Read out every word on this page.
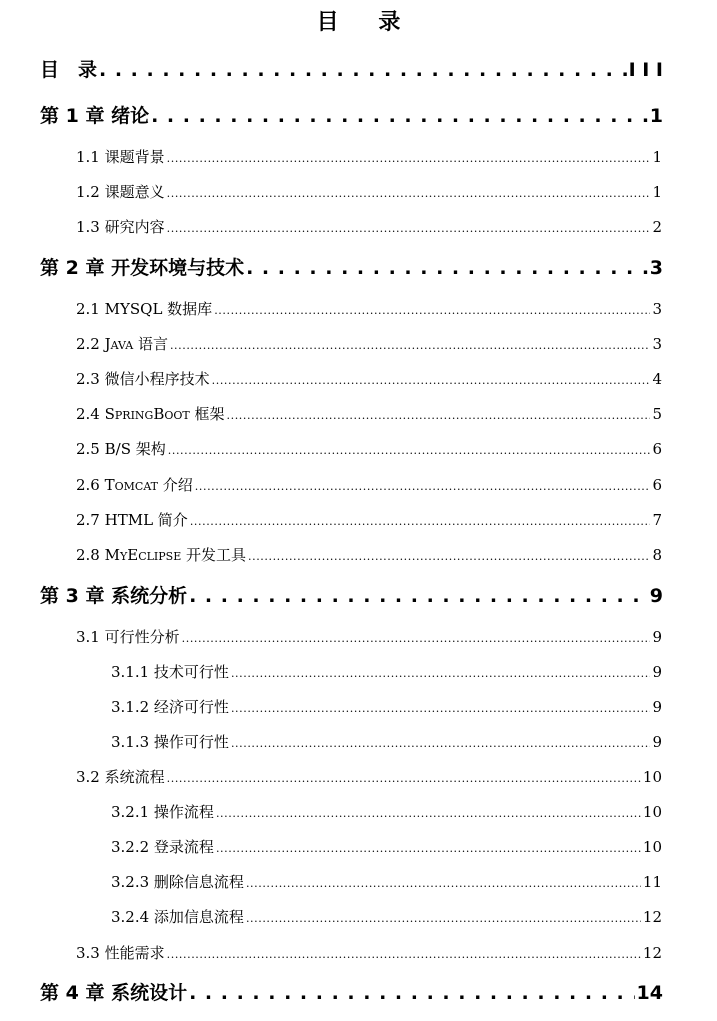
目 录
目　录 . . .	I I I
第 1 章 绪论 . . .	1
1.1 课题背景 .....	1
1.2 课题意义 .....	1
1.3 研究内容 .....	2
第 2 章 开发环境与技术 . . .	3
2.1 MYSQL 数据库 .....	3
2.2 Java 语言 .....	3
2.3 微信小程序技术 .....	4
2.4 SpringBoot 框架 .....	5
2.5 B/S 架构 .....	6
2.6 Tomcat 介绍 .....	6
2.7 HTML 简介 .....	7
2.8 MyEclipse 开发工具 .....	8
第 3 章 系统分析 . . .	9
3.1 可行性分析 .....	9
3.1.1 技术可行性 .....	9
3.1.2 经济可行性 .....	9
3.1.3 操作可行性 .....	9
3.2 系统流程 .....	10
3.2.1 操作流程 .....	10
3.2.2 登录流程 .....	10
3.2.3 删除信息流程 .....	11
3.2.4 添加信息流程 .....	12
3.3 性能需求 .....	12
第 4 章 系统设计 . . .	14
